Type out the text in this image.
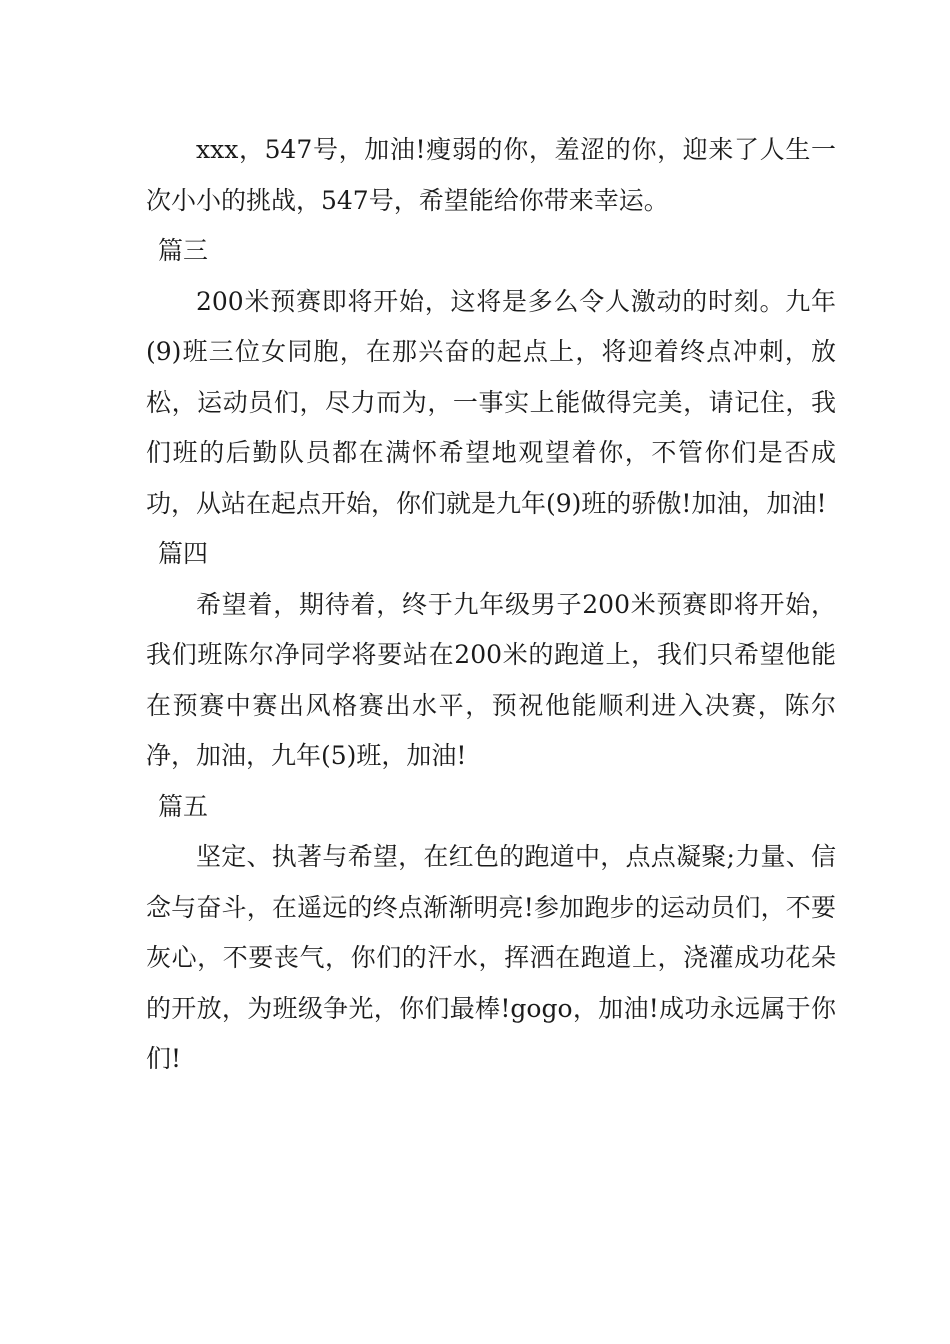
xxx，547号，加油!瘦弱的你，羞涩的你，迎来了人生一次小小的挑战，547号，希望能给你带来幸运。

篇三

200米预赛即将开始，这将是多么令人激动的时刻。九年(9)班三位女同胞，在那兴奋的起点上，将迎着终点冲刺，放松，运动员们，尽力而为，一事实上能做得完美，请记住，我们班的后勤队员都在满怀希望地观望着你，不管你们是否成功，从站在起点开始，你们就是九年(9)班的骄傲!加油，加油!

篇四

希望着，期待着，终于九年级男子200米预赛即将开始，我们班陈尔净同学将要站在200米的跑道上，我们只希望他能在预赛中赛出风格赛出水平，预祝他能顺利进入决赛，陈尔净，加油，九年(5)班，加油!

篇五

坚定、执著与希望，在红色的跑道中，点点凝聚;力量、信念与奋斗，在遥远的终点渐渐明亮!参加跑步的运动员们，不要灰心，不要丧气，你们的汗水，挥洒在跑道上，浇灌成功花朵的开放，为班级争光，你们最棒!gogo，加油!成功永远属于你们!
